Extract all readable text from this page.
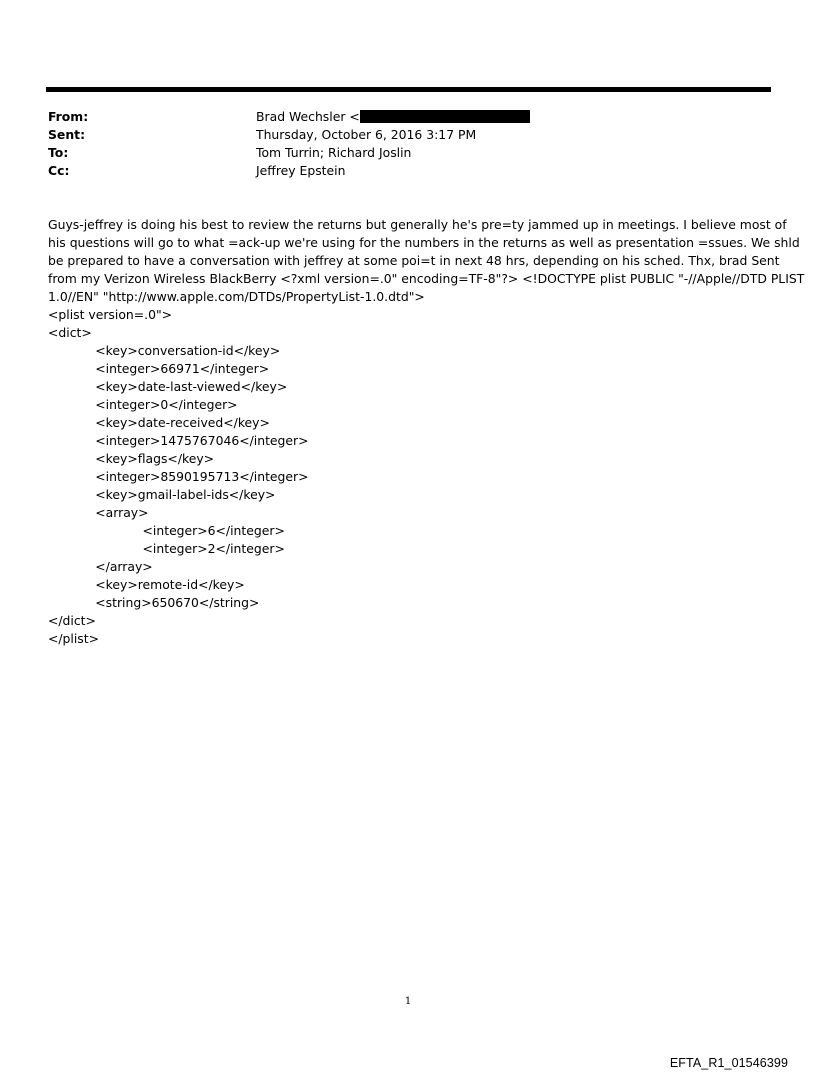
From:	Brad Wechsler <
Sent:	Thursday, October 6, 2016 3:17 PM
To:	Tom Turrin; Richard Joslin
Cc:	Jeffrey Epstein
Guys-jeffrey is doing his best to review the returns but generally he's pre=ty jammed up in meetings. I believe most of
his questions will go to what =ack-up we're using for the numbers in the returns as well as presentation =ssues. We shld
be prepared to have a conversation with jeffrey at some poi=t in next 48 hrs, depending on his sched. Thx, brad Sent
from my Verizon Wireless BlackBerry <?xml version=.0" encoding=TF-8"?> <!DOCTYPE plist PUBLIC "-//Apple//DTD PLIST
1.0//EN" "http://www.apple.com/DTDs/PropertyList-1.0.dtd">
<plist version=.0">
<dict>
<key>conversation-id</key>
<integer>66971</integer>
<key>date-last-viewed</key>
<integer>0</integer>
<key>date-received</key>
<integer>1475767046</integer>
<key>flags</key>
<integer>8590195713</integer>
<key>gmail-label-ids</key>
<array>
<integer>6</integer>
<integer>2</integer>
</array>
<key>remote-id</key>
<string>650670</string>
</dict>
</plist>
1
EFTA_R1_01546399
